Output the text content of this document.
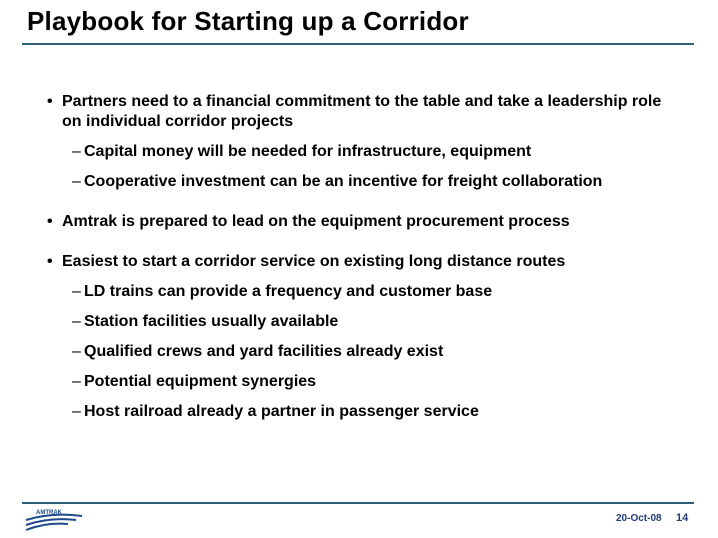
Playbook for Starting up a Corridor
• Partners need to a financial commitment to the table and take a leadership role on individual corridor projects
– Capital money will be needed for infrastructure, equipment
– Cooperative investment can be an incentive for freight collaboration
• Amtrak is prepared to lead on the equipment procurement process
• Easiest to start a corridor service on existing long distance routes
– LD trains can provide a frequency and customer base
– Station facilities usually available
– Qualified crews and yard facilities already exist
– Potential equipment synergies
– Host railroad already a partner in passenger service
AMTRAK	20-Oct-08 14
